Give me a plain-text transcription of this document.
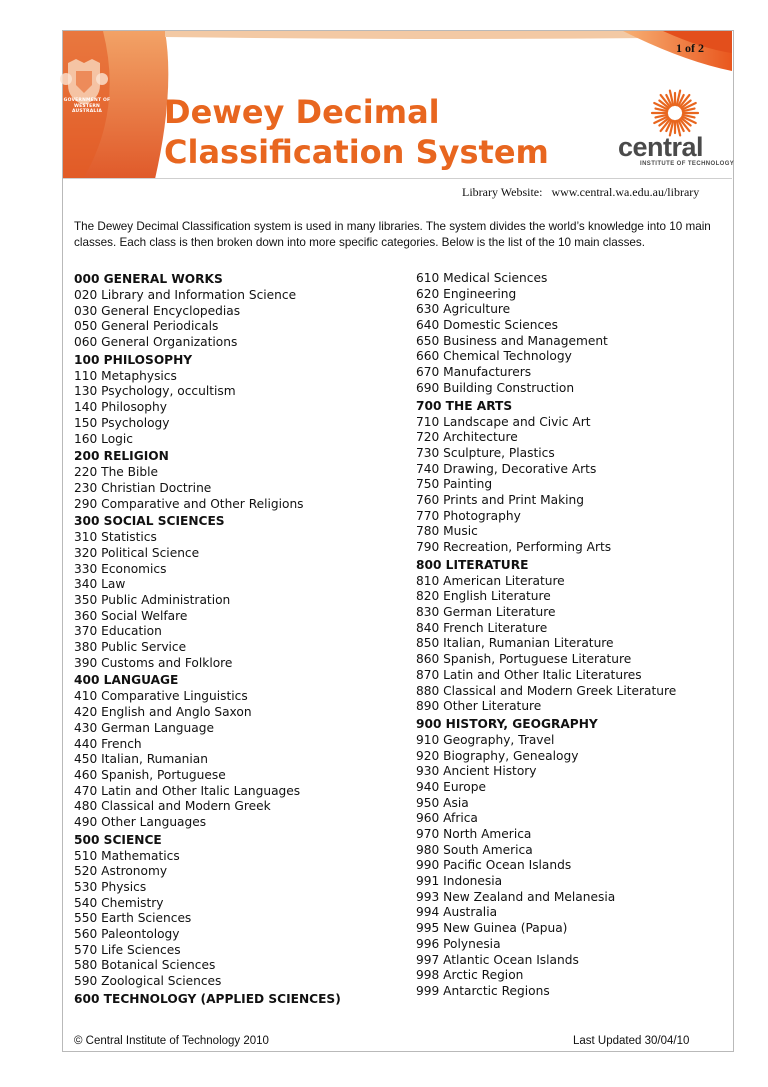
1 of 2
GOVERNMENT OF WESTERN AUSTRALIA	Dewey Decimal
Classification System	central
INSTITUTE OF TECHNOLOGY
Library Website:   www.central.wa.edu.au/library
The Dewey Decimal Classification system is used in many libraries. The system divides the world’s knowledge into 10 main classes. Each class is then broken down into more specific categories. Below is the list of the 10 main classes.
000 GENERAL WORKS
020 Library and Information Science
030 General Encyclopedias
050 General Periodicals
060 General Organizations
100 PHILOSOPHY
110 Metaphysics
130 Psychology, occultism
140 Philosophy
150 Psychology
160 Logic
200 RELIGION
220 The Bible
230 Christian Doctrine
290 Comparative and Other Religions
300 SOCIAL SCIENCES
310 Statistics
320 Political Science
330 Economics
340 Law
350 Public Administration
360 Social Welfare
370 Education
380 Public Service
390 Customs and Folklore
400 LANGUAGE
410 Comparative Linguistics
420 English and Anglo Saxon
430 German Language
440 French
450 Italian, Rumanian
460 Spanish, Portuguese
470 Latin and Other Italic Languages
480 Classical and Modern Greek
490 Other Languages
500 SCIENCE
510 Mathematics
520 Astronomy
530 Physics
540 Chemistry
550 Earth Sciences
560 Paleontology
570 Life Sciences
580 Botanical Sciences
590 Zoological Sciences
600 TECHNOLOGY (APPLIED SCIENCES)
610 Medical Sciences
620 Engineering
630 Agriculture
640 Domestic Sciences
650 Business and Management
660 Chemical Technology
670 Manufacturers
690 Building Construction
700 THE ARTS
710 Landscape and Civic Art
720 Architecture
730 Sculpture, Plastics
740 Drawing, Decorative Arts
750 Painting
760 Prints and Print Making
770 Photography
780 Music
790 Recreation, Performing Arts
800 LITERATURE
810 American Literature
820 English Literature
830 German Literature
840 French Literature
850 Italian, Rumanian Literature
860 Spanish, Portuguese Literature
870 Latin and Other Italic Literatures
880 Classical and Modern Greek Literature
890 Other Literature
900 HISTORY, GEOGRAPHY
910 Geography, Travel
920 Biography, Genealogy
930 Ancient History
940 Europe
950 Asia
960 Africa
970 North America
980 South America
990 Pacific Ocean Islands
991 Indonesia
993 New Zealand and Melanesia
994 Australia
995 New Guinea (Papua)
996 Polynesia
997 Atlantic Ocean Islands
998 Arctic Region
999 Antarctic Regions
© Central Institute of Technology 2010	Last Updated 30/04/10
